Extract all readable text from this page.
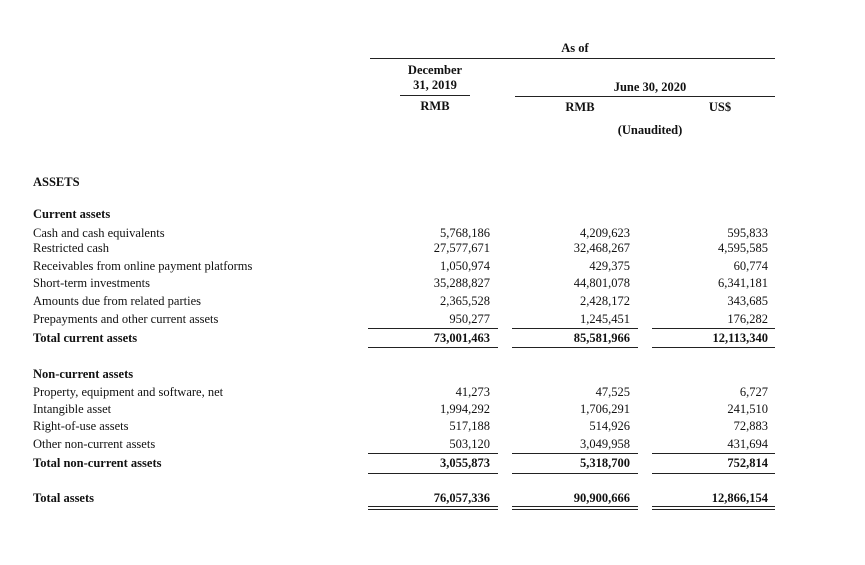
As of
December
31, 2019
RMB
June 30, 2020
RMB	US$
(Unaudited)
ASSETS
Current assets
Cash and cash equivalents	5,768,186	4,209,623	595,833
Restricted cash	27,577,671	32,468,267	4,595,585
Receivables from online payment platforms	1,050,974	429,375	60,774
Short-term investments	35,288,827	44,801,078	6,341,181
Amounts due from related parties	2,365,528	2,428,172	343,685
Prepayments and other current assets	950,277	1,245,451	176,282
Total current assets	73,001,463	85,581,966	12,113,340
Non-current assets
Property, equipment and software, net	41,273	47,525	6,727
Intangible asset	1,994,292	1,706,291	241,510
Right-of-use assets	517,188	514,926	72,883
Other non-current assets	503,120	3,049,958	431,694
Total non-current assets	3,055,873	5,318,700	752,814
Total assets	76,057,336	90,900,666	12,866,154
